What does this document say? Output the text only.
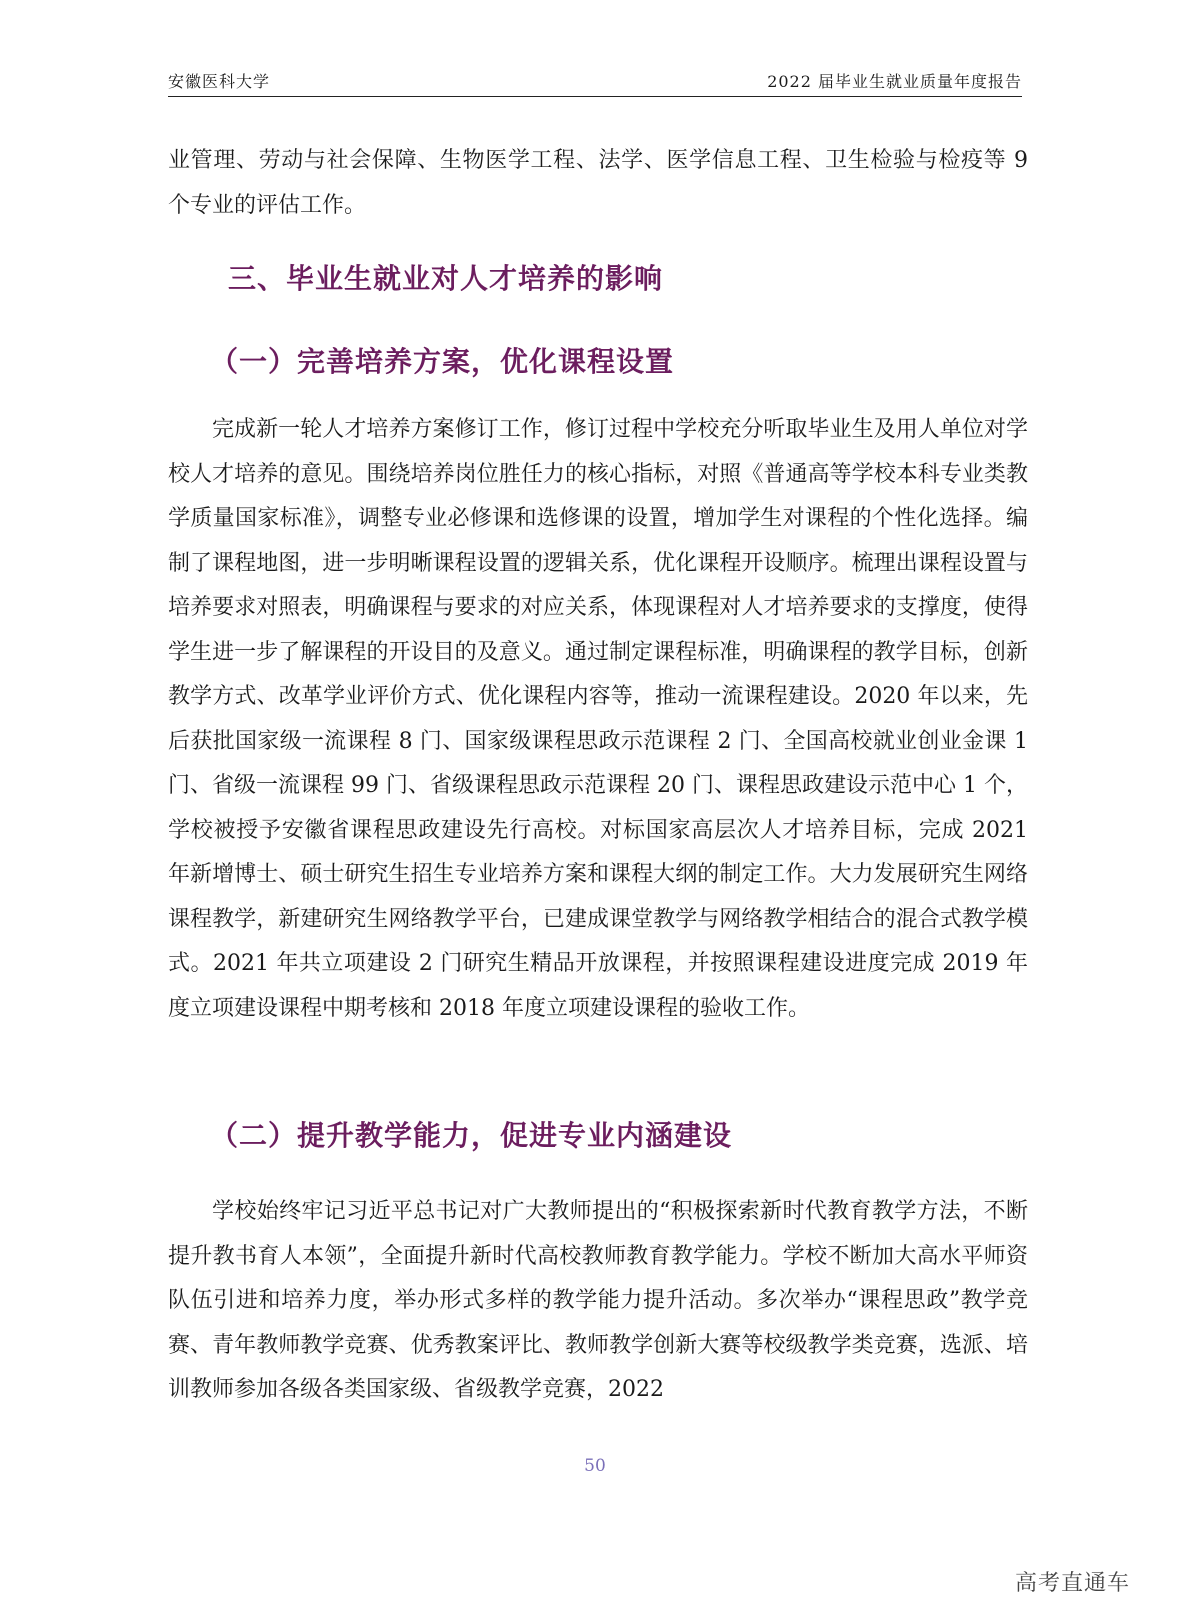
安徽医科大学	2022 届毕业生就业质量年度报告

业管理、劳动与社会保障、生物医学工程、法学、医学信息工程、卫生检验与检疫等 9 个专业的评估工作。

三、毕业生就业对人才培养的影响
（一）完善培养方案，优化课程设置

完成新一轮人才培养方案修订工作，修订过程中学校充分听取毕业生及用人单位对学校人才培养的意见。围绕培养岗位胜任力的核心指标，对照《普通高等学校本科专业类教学质量国家标准》，调整专业必修课和选修课的设置，增加学生对课程的个性化选择。编制了课程地图，进一步明晰课程设置的逻辑关系，优化课程开设顺序。梳理出课程设置与培养要求对照表，明确课程与要求的对应关系，体现课程对人才培养要求的支撑度，使得学生进一步了解课程的开设目的及意义。通过制定课程标准，明确课程的教学目标，创新教学方式、改革学业评价方式、优化课程内容等，推动一流课程建设。2020 年以来，先后获批国家级一流课程 8 门、国家级课程思政示范课程 2 门、全国高校就业创业金课 1 门、省级一流课程 99 门、省级课程思政示范课程 20 门、课程思政建设示范中心 1 个，学校被授予安徽省课程思政建设先行高校。对标国家高层次人才培养目标，完成 2021 年新增博士、硕士研究生招生专业培养方案和课程大纲的制定工作。大力发展研究生网络课程教学，新建研究生网络教学平台，已建成课堂教学与网络教学相结合的混合式教学模式。2021 年共立项建设 2 门研究生精品开放课程，并按照课程建设进度完成 2019 年度立项建设课程中期考核和 2018 年度立项建设课程的验收工作。

（二）提升教学能力，促进专业内涵建设

学校始终牢记习近平总书记对广大教师提出的“积极探索新时代教育教学方法，不断提升教书育人本领”，全面提升新时代高校教师教育教学能力。学校不断加大高水平师资队伍引进和培养力度，举办形式多样的教学能力提升活动。多次举办“课程思政”教学竞赛、青年教师教学竞赛、优秀教案评比、教师教学创新大赛等校级教学类竞赛，选派、培训教师参加各级各类国家级、省级教学竞赛，2022

50
高考直通车
